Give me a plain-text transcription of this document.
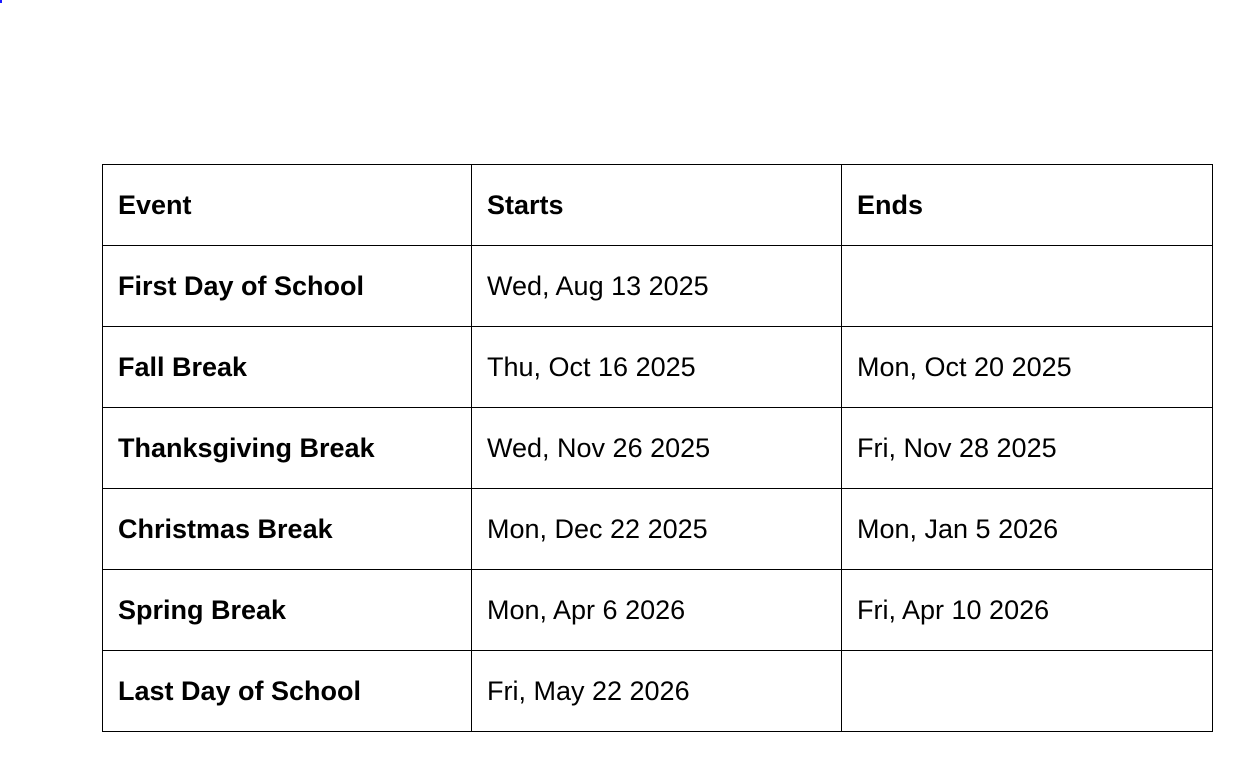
Event	Starts	Ends
First Day of School	Wed, Aug 13 2025	
Fall Break	Thu, Oct 16 2025	Mon, Oct 20 2025
Thanksgiving Break	Wed, Nov 26 2025	Fri, Nov 28 2025
Christmas Break	Mon, Dec 22 2025	Mon, Jan 5 2026
Spring Break	Mon, Apr 6 2026	Fri, Apr 10 2026
Last Day of School	Fri, May 22 2026	
